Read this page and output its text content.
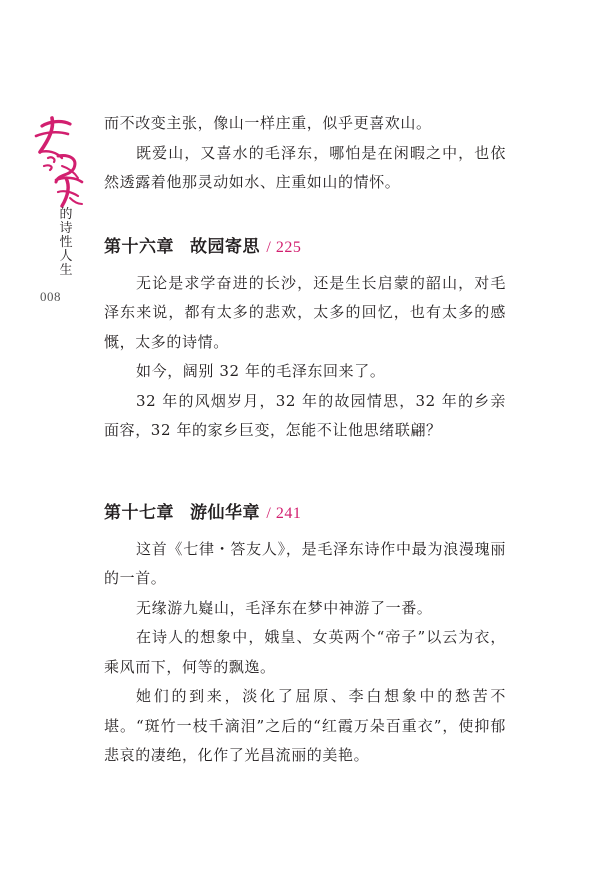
的
诗
性
人
生
008

而不改变主张，像山一样庄重，似乎更喜欢山。

既爱山，又喜水的毛泽东，哪怕是在闲暇之中，也依然透露着他那灵动如水、庄重如山的情怀。

第十六章 故园寄思 / 225

无论是求学奋进的长沙，还是生长启蒙的韶山，对毛泽东来说，都有太多的悲欢，太多的回忆，也有太多的感慨，太多的诗情。

如今，阔别 32 年的毛泽东回来了。

32 年的风烟岁月，32 年的故园情思，32 年的乡亲面容，32 年的家乡巨变，怎能不让他思绪联翩？

第十七章 游仙华章 / 241

这首《七律・答友人》，是毛泽东诗作中最为浪漫瑰丽的一首。

无缘游九嶷山，毛泽东在梦中神游了一番。

在诗人的想象中，娥皇、女英两个“帝子”以云为衣，乘风而下，何等的飘逸。

她们的到来，淡化了屈原、李白想象中的愁苦不堪。“斑竹一枝千滴泪”之后的“红霞万朵百重衣”，使抑郁悲哀的凄绝，化作了光昌流丽的美艳。
